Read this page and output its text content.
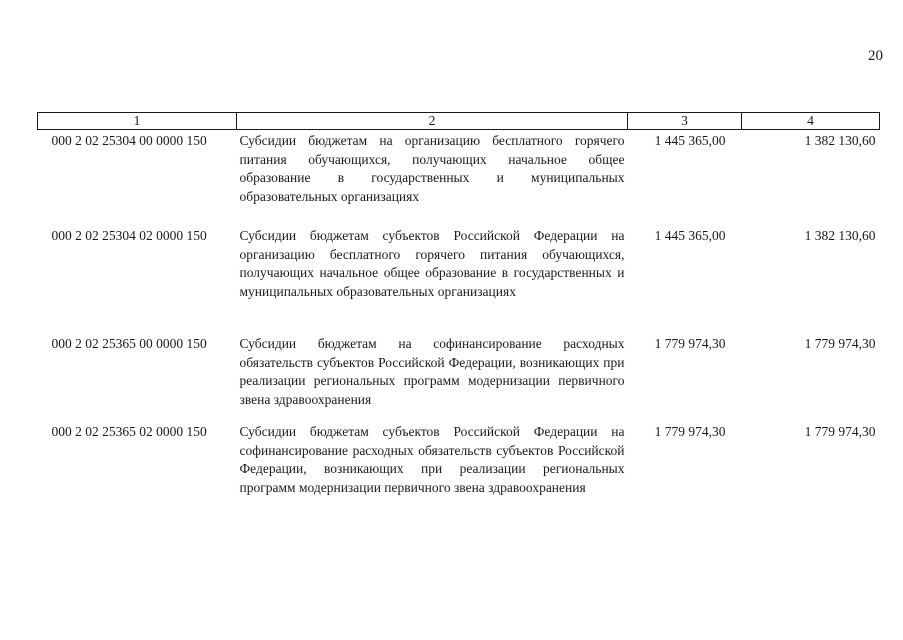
20
1	2	3	4
000 2 02 25304 00 0000 150	Субсидии бюджетам на организацию бесплатного горячего питания обучающихся, получающих начальное общее образование в государственных и муниципальных образовательных организациях	1 445 365,00	1 382 130,60
000 2 02 25304 02 0000 150	Субсидии бюджетам субъектов Российской Федерации на организацию бесплатного горячего питания обучающихся, получающих начальное общее образование в государственных и муниципальных образовательных организациях	1 445 365,00	1 382 130,60
000 2 02 25365 00 0000 150	Субсидии бюджетам на софинансирование расходных обязательств субъектов Российской Федерации, возникающих при реализации региональных программ модернизации первичного звена здравоохранения	1 779 974,30	1 779 974,30
000 2 02 25365 02 0000 150	Субсидии бюджетам субъектов Российской Федерации на софинансирование расходных обязательств субъектов Российской Федерации, возникающих при реализации региональных программ модернизации первичного звена здравоохранения	1 779 974,30	1 779 974,30
